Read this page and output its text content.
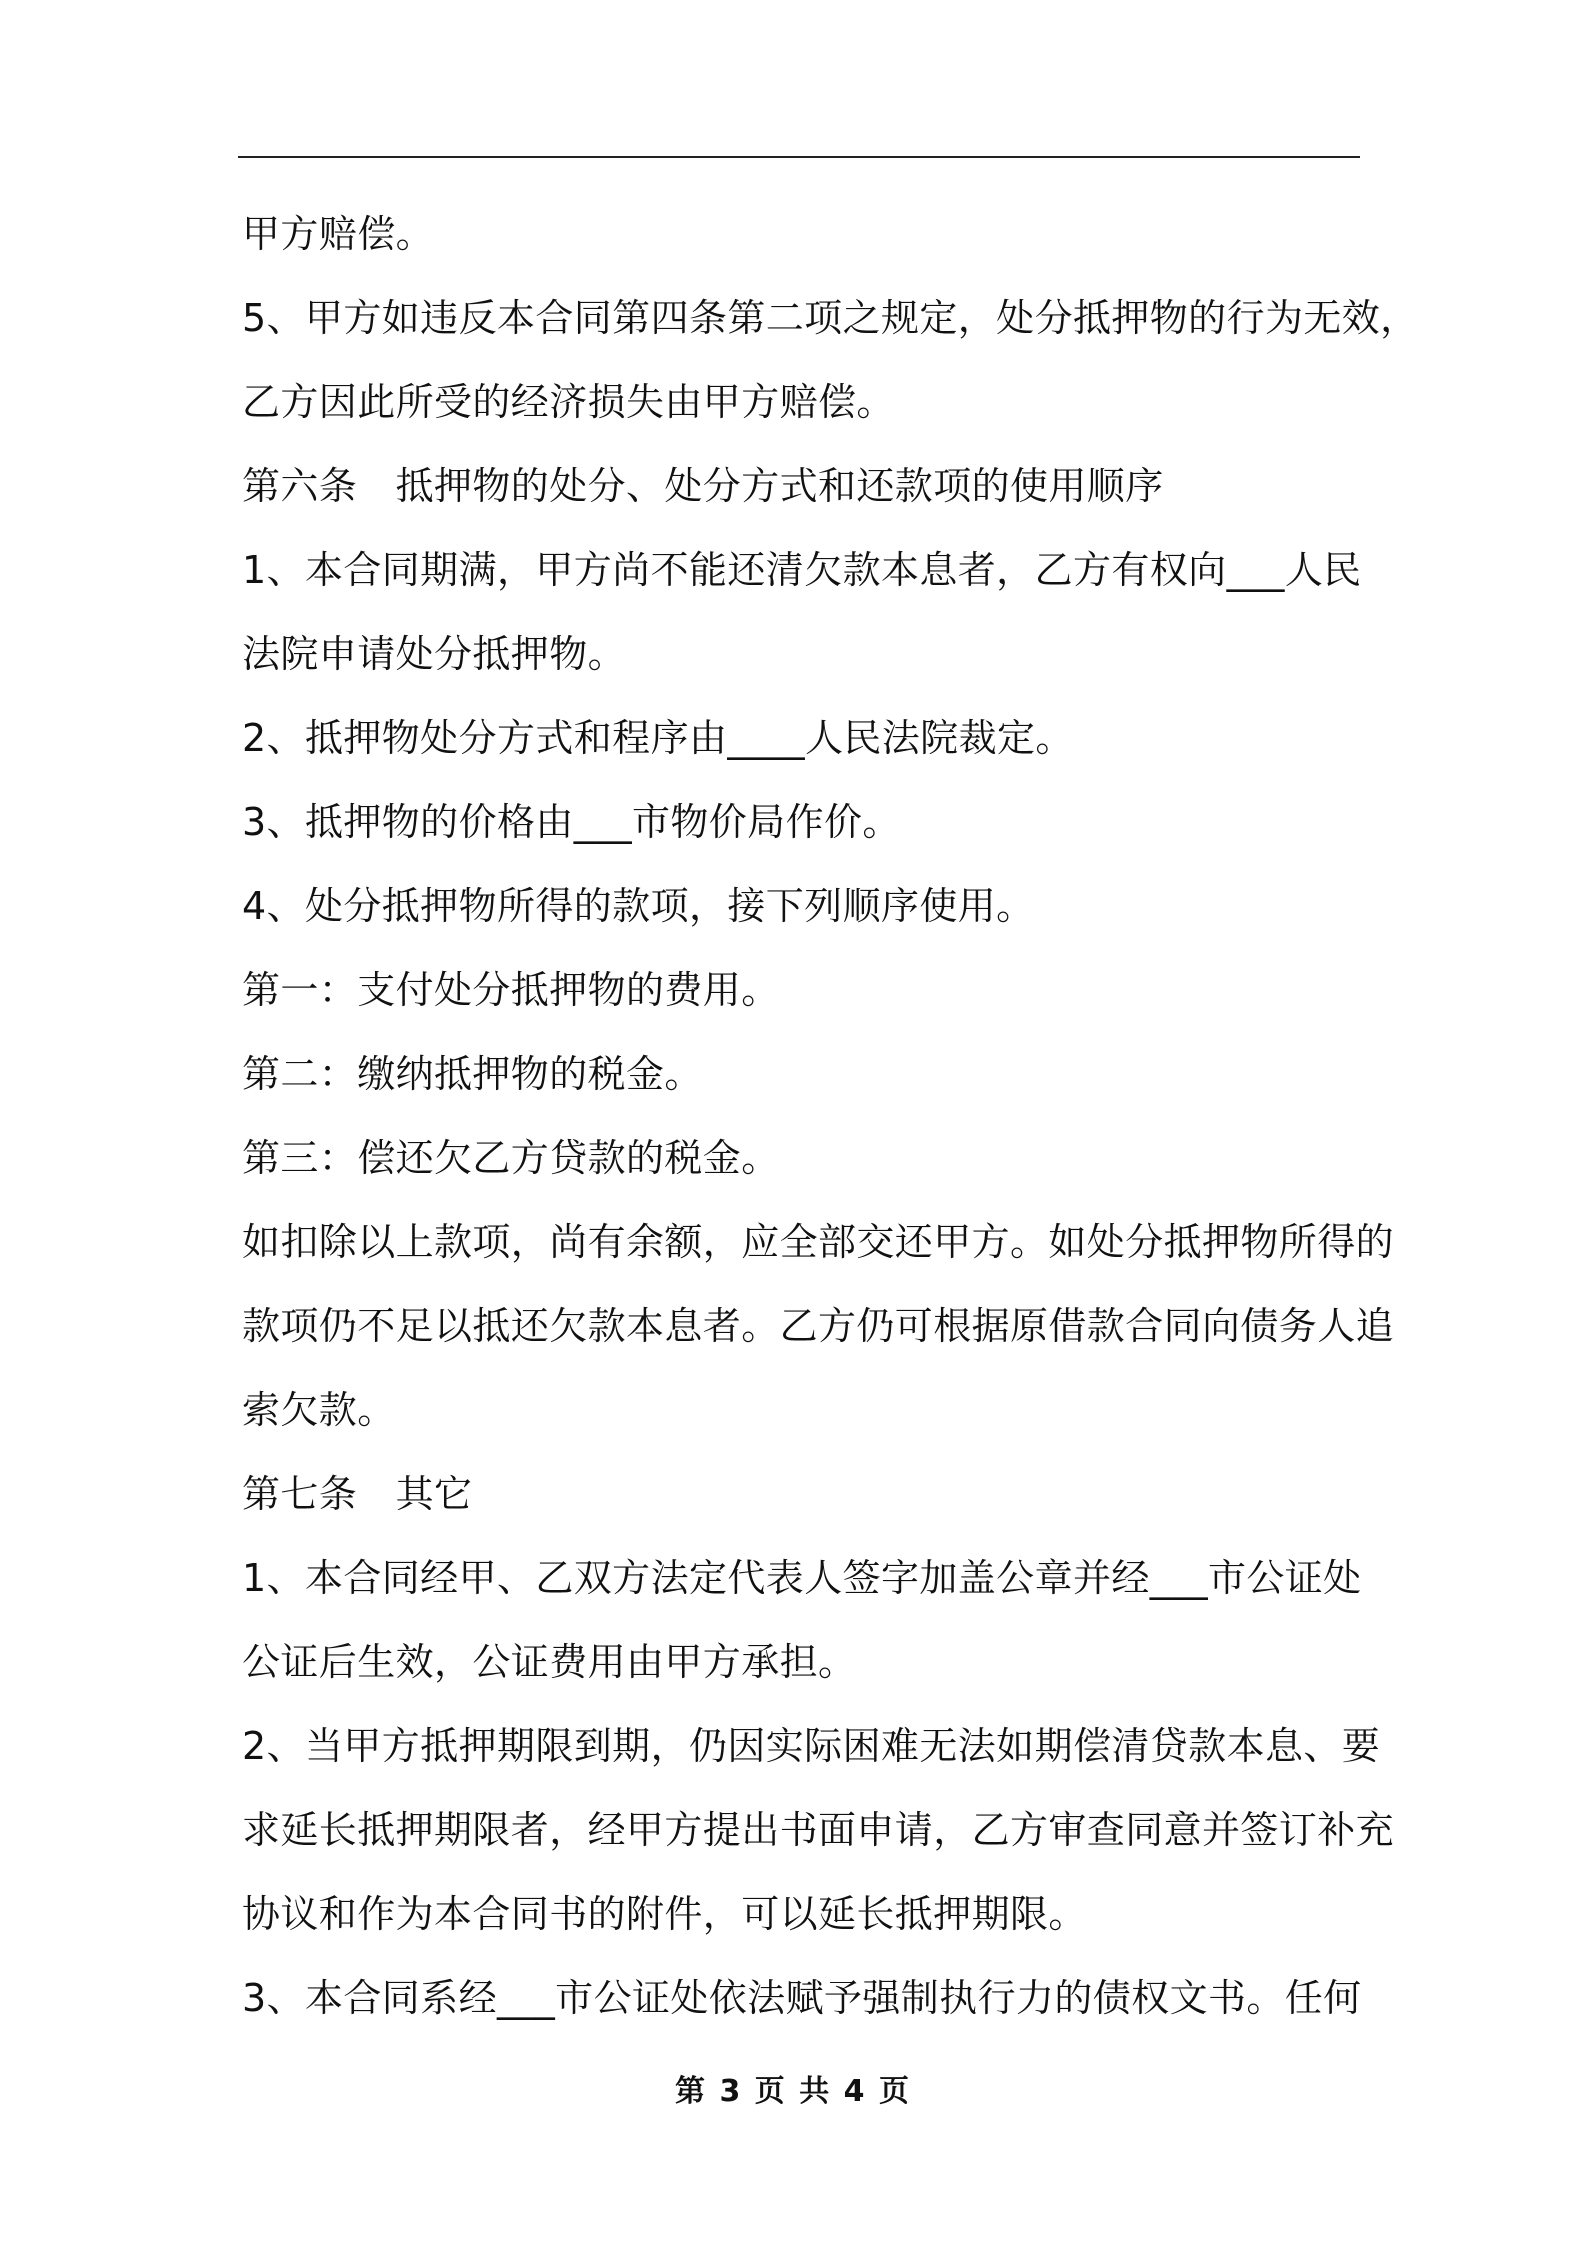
甲方赔偿。
5、甲方如违反本合同第四条第二项之规定，处分抵押物的行为无效，
乙方因此所受的经济损失由甲方赔偿。
第六条　抵押物的处分、处分方式和还款项的使用顺序
1、本合同期满，甲方尚不能还清欠款本息者，乙方有权向___人民
法院申请处分抵押物。
2、抵押物处分方式和程序由____人民法院裁定。
3、抵押物的价格由___市物价局作价。
4、处分抵押物所得的款项，接下列顺序使用。
第一：支付处分抵押物的费用。
第二：缴纳抵押物的税金。
第三：偿还欠乙方贷款的税金。
如扣除以上款项，尚有余额，应全部交还甲方。如处分抵押物所得的
款项仍不足以抵还欠款本息者。乙方仍可根据原借款合同向债务人追
索欠款。
第七条　其它
1、本合同经甲、乙双方法定代表人签字加盖公章并经___市公证处
公证后生效，公证费用由甲方承担。
2、当甲方抵押期限到期，仍因实际困难无法如期偿清贷款本息、要
求延长抵押期限者，经甲方提出书面申请，乙方审查同意并签订补充
协议和作为本合同书的附件，可以延长抵押期限。
3、本合同系经___市公证处依法赋予强制执行力的债权文书。任何
第 3 页 共 4 页
